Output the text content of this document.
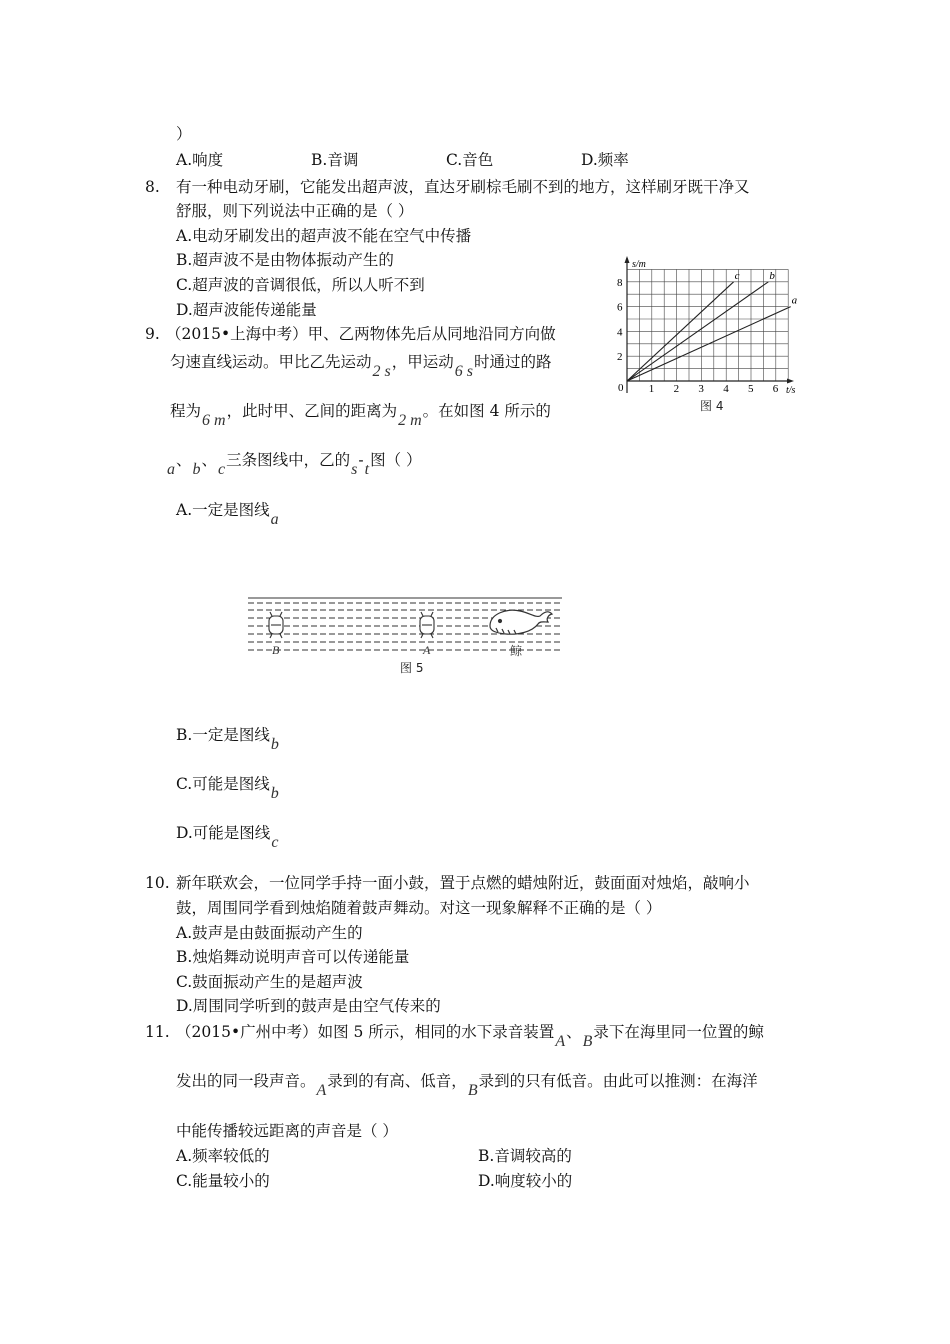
）
A.响度	B.音调	C.音色	D.频率
8. 有一种电动牙刷，它能发出超声波，直达牙刷棕毛刷不到的地方，这样刷牙既干净又
舒服，则下列说法中正确的是（ ）
A.电动牙刷发出的超声波不能在空气中传播
B.超声波不是由物体振动产生的
C.超声波的音调很低，所以人听不到
D.超声波能传递能量
9. （2015•上海中考）甲、乙两物体先后从同地沿同方向做
匀速直线运动。甲比乙先运动2 s，甲运动6 s时通过的路
程为6 m，此时甲、乙间的距离为2 m。在如图 4 所示的
a、b、c三条图线中，乙的s-t图（ ）
A.一定是图线a
B.一定是图线b
C.可能是图线b
D.可能是图线c
s/m
t/s
0
2
4
6
8
1 2 3 4 5 6
a
b
c
图 4
B	A	鲸
图 5
10. 新年联欢会，一位同学手持一面小鼓，置于点燃的蜡烛附近，鼓面面对烛焰，敲响小
鼓，周围同学看到烛焰随着鼓声舞动。对这一现象解释不正确的是（ ）
A.鼓声是由鼓面振动产生的
B.烛焰舞动说明声音可以传递能量
C.鼓面振动产生的是超声波
D.周围同学听到的鼓声是由空气传来的
11. （2015•广州中考）如图 5 所示，相同的水下录音装置A、B录下在海里同一位置的鲸
发出的同一段声音。A录到的有高、低音，B录到的只有低音。由此可以推测：在海洋
中能传播较远距离的声音是（ ）
A.频率较低的	B.音调较高的
C.能量较小的	D.响度较小的
